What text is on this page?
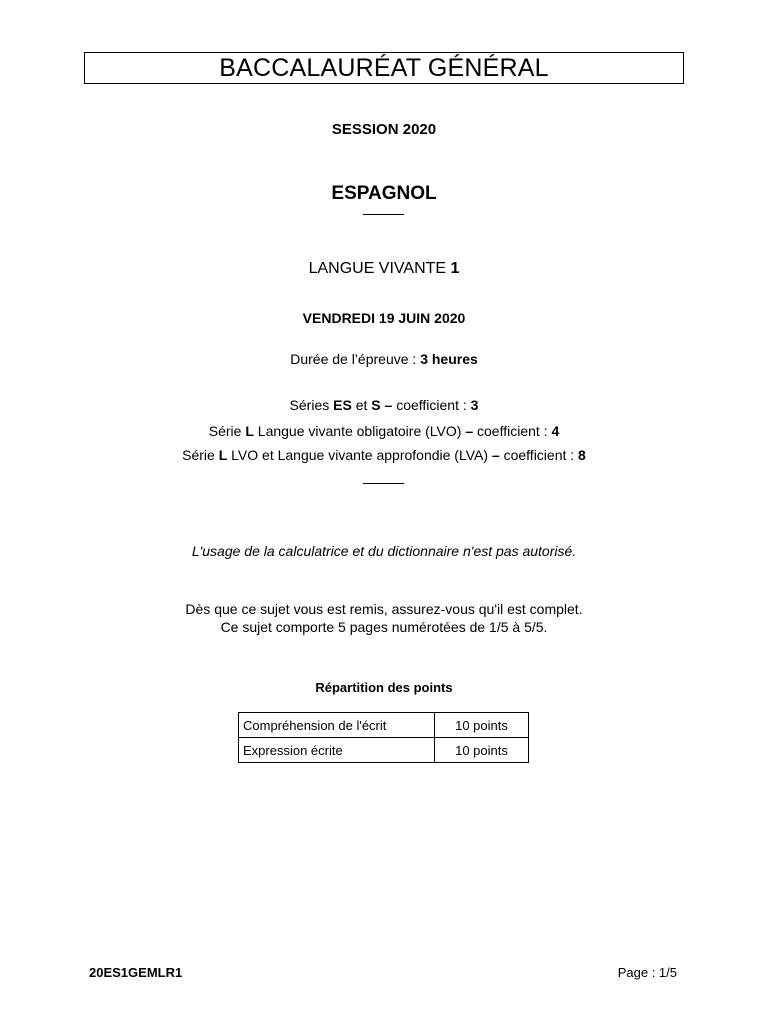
BACCALAURÉAT GÉNÉRAL
SESSION 2020
ESPAGNOL
LANGUE VIVANTE 1
VENDREDI 19 JUIN 2020
Durée de l’épreuve : 3 heures
Séries ES et S – coefficient : 3
Série L Langue vivante obligatoire (LVO) – coefficient : 4
Série L LVO et Langue vivante approfondie (LVA) – coefficient : 8
L'usage de la calculatrice et du dictionnaire n'est pas autorisé.
Dès que ce sujet vous est remis, assurez-vous qu'il est complet.
Ce sujet comporte 5 pages numérotées de 1/5 à 5/5.
Répartition des points
Compréhension de l'écrit	10 points
Expression écrite	10 points
20ES1GEMLR1	Page : 1/5
